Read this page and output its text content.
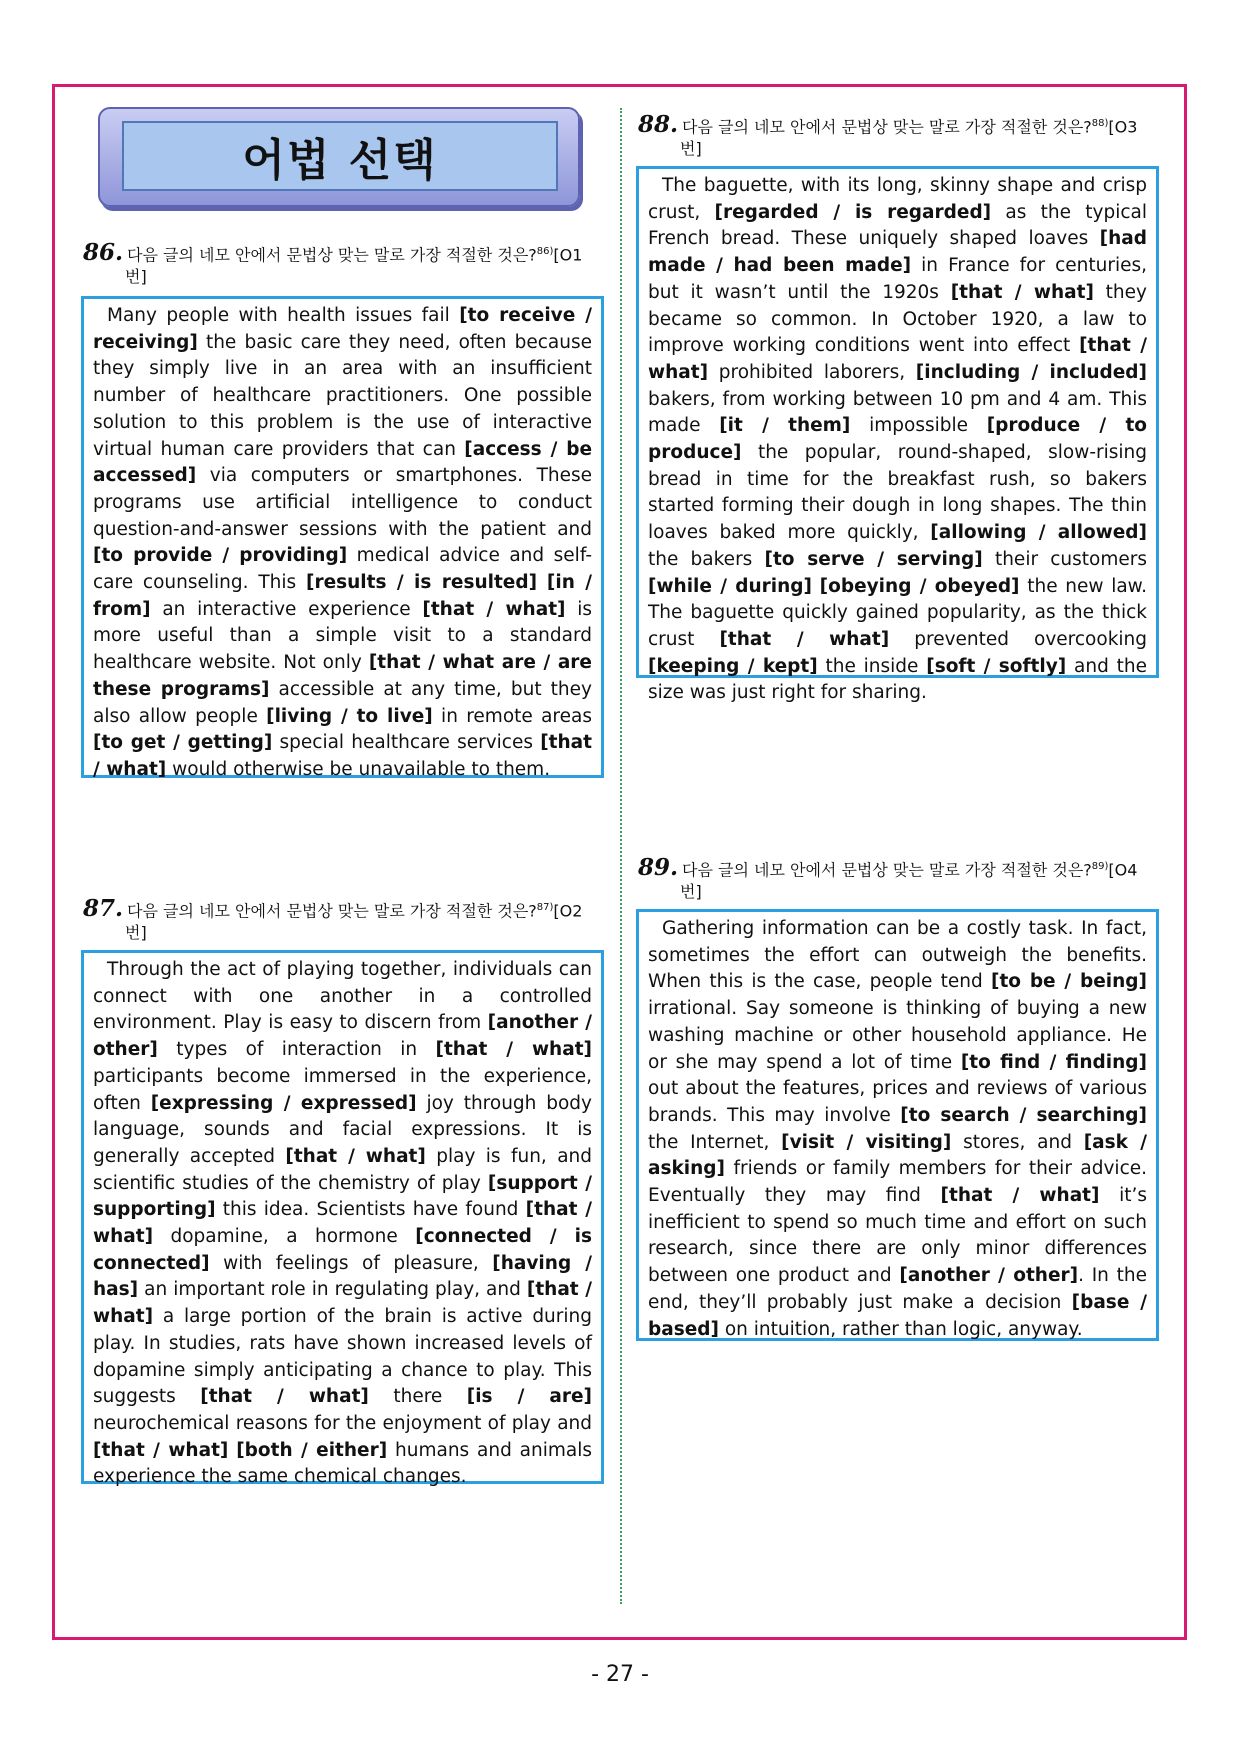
어법 선택
86. 다음 글의 네모 안에서 문법상 맞는 말로 가장 적절한 것은?$^{86)}$[O1
번]

Many people with health issues fail [to receive / receiving] the basic care they need, often because they simply live in an area with an insufficient number of healthcare practitioners. One possible solution to this problem is the use of interactive virtual human care providers that can [access / be accessed] via computers or smartphones. These programs use artificial intelligence to conduct question-and-answer sessions with the patient and [to provide / providing] medical advice and self-care counseling. This [results / is resulted] [in / from] an interactive experience [that / what] is more useful than a simple visit to a standard healthcare website. Not only [that / what are / are these programs] accessible at any time, but they also allow people [living / to live] in remote areas [to get / getting] special healthcare services [that / what] would otherwise be unavailable to them.

87. 다음 글의 네모 안에서 문법상 맞는 말로 가장 적절한 것은?$^{87)}$[O2
번]

Through the act of playing together, individuals can connect with one another in a controlled environment. Play is easy to discern from [another / other] types of interaction in [that / what] participants become immersed in the experience, often [expressing / expressed] joy through body language, sounds and facial expressions. It is generally accepted [that / what] play is fun, and scientific studies of the chemistry of play [support / supporting] this idea. Scientists have found [that / what] dopamine, a hormone [connected / is connected] with feelings of pleasure, [having / has] an important role in regulating play, and [that / what] a large portion of the brain is active during play. In studies, rats have shown increased levels of dopamine simply anticipating a chance to play. This suggests [that / what] there [is / are] neurochemical reasons for the enjoyment of play and [that / what] [both / either] humans and animals experience the same chemical changes.

88. 다음 글의 네모 안에서 문법상 맞는 말로 가장 적절한 것은?$^{88)}$[O3
번]

The baguette, with its long, skinny shape and crisp crust, [regarded / is regarded] as the typical French bread. These uniquely shaped loaves [had made / had been made] in France for centuries, but it wasn’t until the 1920s [that / what] they became so common. In October 1920, a law to improve working conditions went into effect [that / what] prohibited laborers, [including / included] bakers, from working between 10 pm and 4 am. This made [it / them] impossible [produce / to produce] the popular, round-shaped, slow-rising bread in time for the breakfast rush, so bakers started forming their dough in long shapes. The thin loaves baked more quickly, [allowing / allowed] the bakers [to serve / serving] their customers [while / during] [obeying / obeyed] the new law. The baguette quickly gained popularity, as the thick crust [that / what] prevented overcooking [keeping / kept] the inside [soft / softly] and the size was just right for sharing.

89. 다음 글의 네모 안에서 문법상 맞는 말로 가장 적절한 것은?$^{89)}$[O4
번]

Gathering information can be a costly task. In fact, sometimes the effort can outweigh the benefits. When this is the case, people tend [to be / being] irrational. Say someone is thinking of buying a new washing machine or other household appliance. He or she may spend a lot of time [to find / finding] out about the features, prices and reviews of various brands. This may involve [to search / searching] the Internet, [visit / visiting] stores, and [ask / asking] friends or family members for their advice. Eventually they may find [that / what] it’s inefficient to spend so much time and effort on such research, since there are only minor differences between one product and [another / other]. In the end, they’ll probably just make a decision [base / based] on intuition, rather than logic, anyway.

- 27 -
